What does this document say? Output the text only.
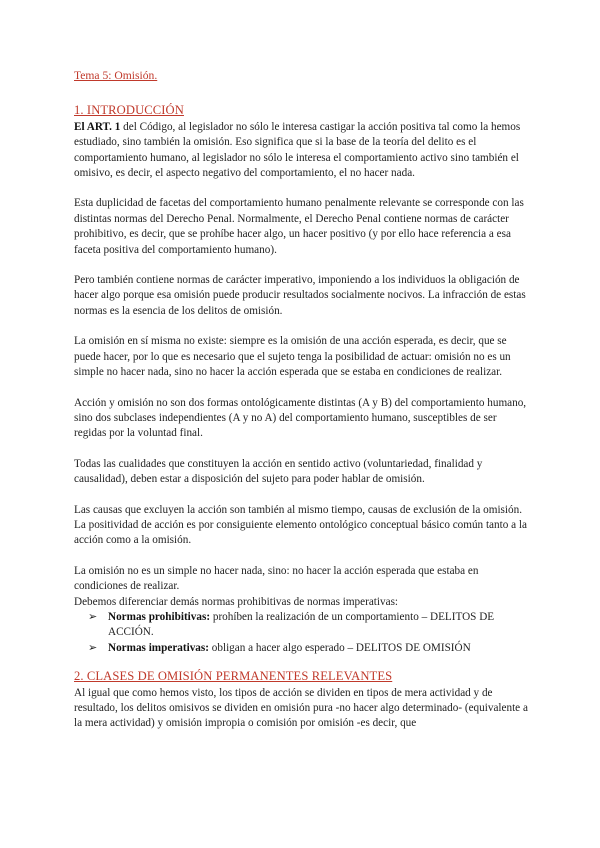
Tema 5: Omisión.
1. INTRODUCCIÓN

El ART. 1 del Código, al legislador no sólo le interesa castigar la acción positiva tal como la hemos estudiado, sino también la omisión. Eso significa que si la base de la teoría del delito es el comportamiento humano, al legislador no sólo le interesa el comportamiento activo sino también el omisivo, es decir, el aspecto negativo del comportamiento, el no hacer nada.

Esta duplicidad de facetas del comportamiento humano penalmente relevante se corresponde con las distintas normas del Derecho Penal. Normalmente, el Derecho Penal contiene normas de carácter prohibitivo, es decir, que se prohíbe hacer algo, un hacer positivo (y por ello hace referencia a esa faceta positiva del comportamiento humano).

Pero también contiene normas de carácter imperativo, imponiendo a los individuos la obligación de hacer algo porque esa omisión puede producir resultados socialmente nocivos. La infracción de estas normas es la esencia de los delitos de omisión.

La omisión en sí misma no existe: siempre es la omisión de una acción esperada, es decir, que se puede hacer, por lo que es necesario que el sujeto tenga la posibilidad de actuar: omisión no es un simple no hacer nada, sino no hacer la acción esperada que se estaba en condiciones de realizar.

Acción y omisión no son dos formas ontológicamente distintas (A y B) del comportamiento humano, sino dos subclases independientes (A y no A) del comportamiento humano, susceptibles de ser regidas por la voluntad final.

Todas las cualidades que constituyen la acción en sentido activo (voluntariedad, finalidad y causalidad), deben estar a disposición del sujeto para poder hablar de omisión.

Las causas que excluyen la acción son también al mismo tiempo, causas de exclusión de la omisión. La positividad de acción es por consiguiente elemento ontológico conceptual básico común tanto a la acción como a la omisión.

La omisión no es un simple no hacer nada, sino: no hacer la acción esperada que estaba en condiciones de realizar.

Debemos diferenciar demás normas prohibitivas de normas imperativas:

➢ Normas prohibitivas: prohíben la realización de un comportamiento – DELITOS DE ACCIÓN.
➢ Normas imperativas: obligan a hacer algo esperado – DELITOS DE OMISIÓN
2. CLASES DE OMISIÓN PERMANENTES RELEVANTES

Al igual que como hemos visto, los tipos de acción se dividen en tipos de mera actividad y de resultado, los delitos omisivos se dividen en omisión pura -no hacer algo determinado- (equivalente a la mera actividad) y omisión impropia o comisión por omisión -es decir, que
